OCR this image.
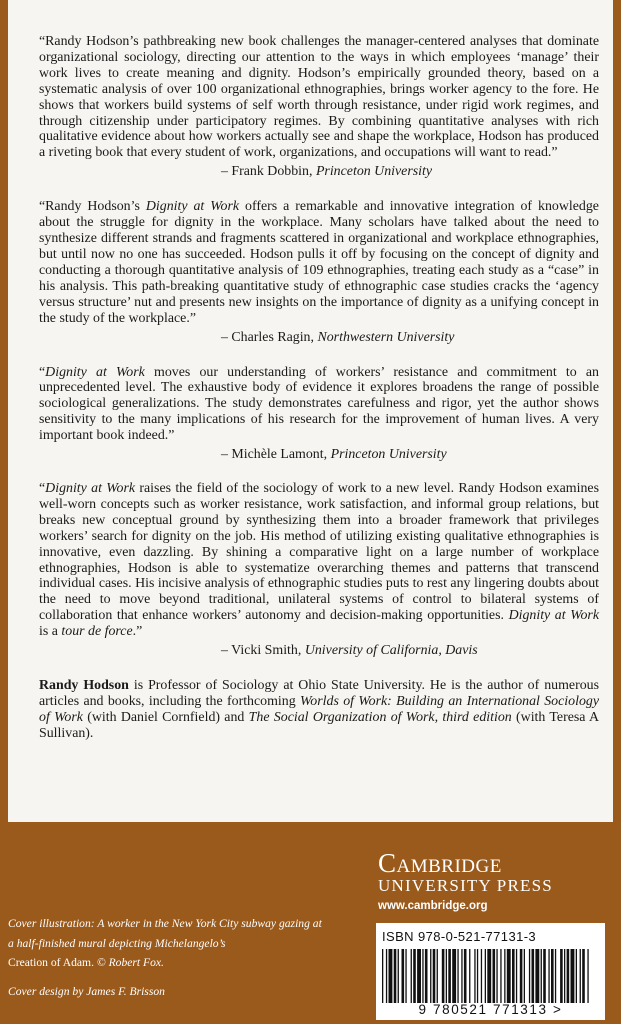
“Randy Hodson’s pathbreaking new book challenges the manager-centered analyses that dominate organizational sociology, directing our attention to the ways in which employees ‘manage’ their work lives to create meaning and dignity. Hodson’s empirically grounded theory, based on a systematic analysis of over 100 organizational ethnographies, brings worker agency to the fore. He shows that workers build systems of self worth through resistance, under rigid work regimes, and through citizenship under participatory regimes. By combining quantitative analyses with rich qualitative evidence about how workers actually see and shape the workplace, Hodson has produced a riveting book that every student of work, organizations, and occupations will want to read.”

– Frank Dobbin, Princeton University

“Randy Hodson’s Dignity at Work offers a remarkable and innovative integration of knowledge about the struggle for dignity in the workplace. Many scholars have talked about the need to synthesize different strands and fragments scattered in organizational and workplace ethnographies, but until now no one has succeeded. Hodson pulls it off by focusing on the concept of dignity and conducting a thorough quantitative analysis of 109 ethnographies, treating each study as a “case” in his analysis. This path-breaking quantitative study of ethnographic case studies cracks the ‘agency versus structure’ nut and presents new insights on the importance of dignity as a unifying concept in the study of the workplace.”

– Charles Ragin, Northwestern University

“Dignity at Work moves our understanding of workers’ resistance and commitment to an unprecedented level. The exhaustive body of evidence it explores broadens the range of possible sociological generalizations. The study demonstrates carefulness and rigor, yet the author shows sensitivity to the many implications of his research for the improvement of human lives. A very important book indeed.”

– Michèle Lamont, Princeton University

“Dignity at Work raises the field of the sociology of work to a new level. Randy Hodson examines well-worn concepts such as worker resistance, work satisfaction, and informal group relations, but breaks new conceptual ground by synthesizing them into a broader framework that privileges workers’ search for dignity on the job. His method of utilizing existing qualitative ethnographies is innovative, even dazzling. By shining a comparative light on a large number of workplace ethnographies, Hodson is able to systematize overarching themes and patterns that transcend individual cases. His incisive analysis of ethnographic studies puts to rest any lingering doubts about the need to move beyond traditional, unilateral systems of control to bilateral systems of collaboration that enhance workers’ autonomy and decision-making opportunities. Dignity at Work is a tour de force.”

– Vicki Smith, University of California, Davis

Randy Hodson is Professor of Sociology at Ohio State University. He is the author of numerous articles and books, including the forthcoming Worlds of Work: Building an International Sociology of Work (with Daniel Cornfield) and The Social Organization of Work, third edition (with Teresa A Sullivan).

Cambridge
UNIVERSITY PRESS
www.cambridge.org
Cover illustration: A worker in the New York City subway gazing at a half-finished mural depicting Michelangelo’s
Creation of Adam. © Robert Fox.
Cover design by James F. Brisson
ISBN 978-0-521-77131-3
9 780521 771313 >
